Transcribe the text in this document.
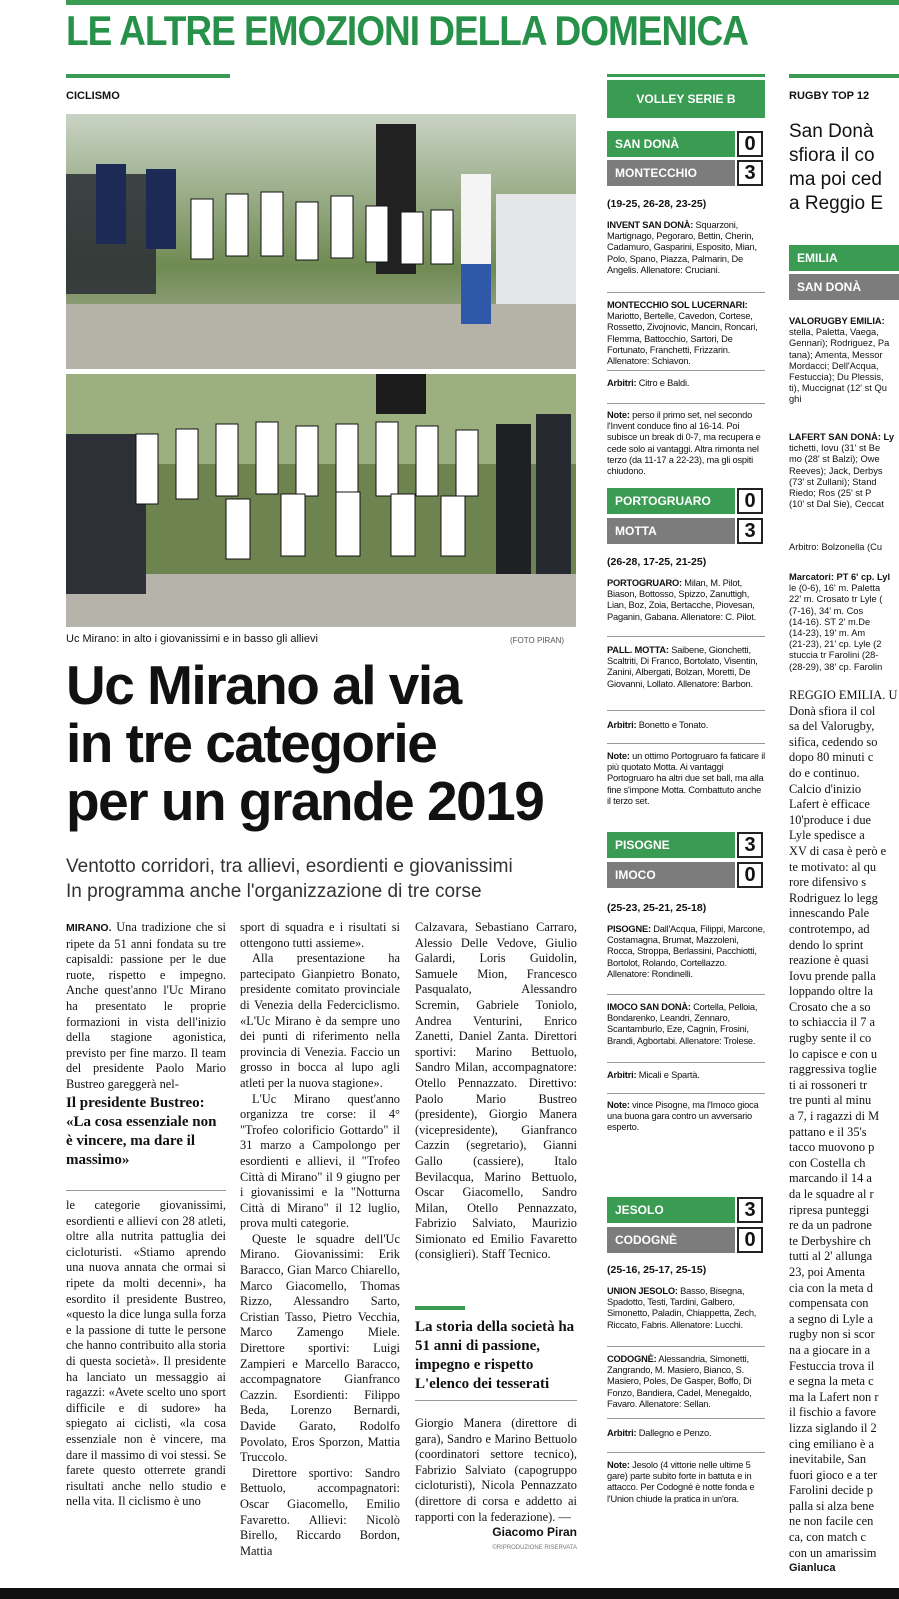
LE ALTRE EMOZIONI DELLA DOMENICA
CICLISMO
Uc Mirano: in alto i giovanissimi e in basso gli allievi	(FOTO PIRAN)
Uc Mirano al via
in tre categorie
per un grande 2019
Ventotto corridori, tra allievi, esordienti e giovanissimi
In programma anche l'organizzazione di tre corse

MIRANO. Una tradizione che si ripete da 51 anni fondata su tre capisaldi: passione per le due ruote, rispetto e impegno. Anche quest'anno l'Uc Mirano ha presentato le proprie formazioni in vista dell'inizio della stagione agonistica, previsto per fine marzo. Il team del presidente Paolo Mario Bustreo gareggerà nel-

Il presidente Bustreo: «La cosa essenziale non è vincere, ma dare il massimo»

le categorie giovanissimi, esordienti e allievi con 28 atleti, oltre alla nutrita pattuglia dei cicloturisti. «Stiamo aprendo una nuova annata che ormai si ripete da molti decenni», ha esordito il presidente Bustreo, «questo la dice lunga sulla forza e la passione di tutte le persone che hanno contribuito alla storia di questa società». Il presidente ha lanciato un messaggio ai ragazzi: «Avete scelto uno sport difficile e di sudore» ha spiegato ai ciclisti, «la cosa essenziale non è vincere, ma dare il massimo di voi stessi. Se farete questo otterrete grandi risultati anche nello studio e nella vita. Il ciclismo è uno

sport di squadra e i risultati si ottengono tutti assieme».

Alla presentazione ha partecipato Gianpietro Bonato, presidente comitato provinciale di Venezia della Federciclismo. «L'Uc Mirano è da sempre uno dei punti di riferimento nella provincia di Venezia. Faccio un grosso in bocca al lupo agli atleti per la nuova stagione».

L'Uc Mirano quest'anno organizza tre corse: il 4° "Trofeo colorificio Gottardo" il 31 marzo a Campolongo per esordienti e allievi, il "Trofeo Città di Mirano" il 9 giugno per i giovanissimi e la "Notturna Città di Mirano" il 12 luglio, prova multi categorie.

Queste le squadre dell'Uc Mirano. Giovanissimi: Erik Baracco, Gian Marco Chiarello, Marco Giacomello, Thomas Rizzo, Alessandro Sarto, Cristian Tasso, Pietro Vecchia, Marco Zamengo Miele. Direttore sportivi: Luigi Zampieri e Marcello Baracco, accompagnatore Gianfranco Cazzin. Esordienti: Filippo Beda, Lorenzo Bernardi, Davide Garato, Rodolfo Povolato, Eros Sporzon, Mattia Truccolo.

Direttore sportivo: Sandro Bettuolo, accompagnatori: Oscar Giacomello, Emilio Favaretto. Allievi: Nicolò Birello, Riccardo Bordon, Mattia

Calzavara, Sebastiano Carraro, Alessio Delle Vedove, Giulio Galardi, Loris Guidolin, Samuele Mion, Francesco Pasqualato, Alessandro Scremin, Gabriele Toniolo, Andrea Venturini, Enrico Zanetti, Daniel Zanta. Direttori sportivi: Marino Bettuolo, Sandro Milan, accompagnatore: Otello Pennazzato. Direttivo: Paolo Mario Bustreo (presidente), Giorgio Manera (vicepresidente), Gianfranco Cazzin (segretario), Gianni Gallo (cassiere), Italo Bevilacqua, Marino Bettuolo, Oscar Giacomello, Sandro Milan, Otello Pennazzato, Fabrizio Salviato, Maurizio Simionato ed Emilio Favaretto (consiglieri). Staff Tecnico.

La storia della società ha 51 anni di passione, impegno e rispetto L'elenco dei tesserati

Giorgio Manera (direttore di gara), Sandro e Marino Bettuolo (coordinatori settore tecnico), Fabrizio Salviato (capogruppo cicloturisti), Nicola Pennazzato (direttore di corsa e addetto ai rapporti con la federazione). —

Giacomo Piran
©RIPRODUZIONE RISERVATA
VOLLEY SERIE B
SAN DONÀ	0
MONTECCHIO	3
(19-25, 26-28, 23-25)
INVENT SAN DONÀ: Squarzoni, Martignago, Pegoraro, Bettin, Cherin, Cadamuro, Gasparini, Esposito, Mian, Polo, Spano, Piazza, Palmarin, De Angelis. Allenatore: Cruciani.
MONTECCHIO SOL LUCERNARI: Mariotto, Bertelle, Cavedon, Cortese, Rossetto, Zivojnovic, Mancin, Roncari, Flemma, Battocchio, Sartori, De Fortunato, Franchetti, Frizzarin. Allenatore: Schiavon.
Arbitri: Citro e Baldi.
Note: perso il primo set, nel secondo l'Invent conduce fino al 16-14. Poi subisce un break di 0-7, ma recupera e cede solo ai vantaggi. Altra rimonta nel terzo (da 11-17 a 22-23), ma gli ospiti chiudono.
PORTOGRUARO	0
MOTTA	3
(26-28, 17-25, 21-25)
PORTOGRUARO: Milan, M. Pilot, Biason, Bottosso, Spizzo, Zanuttigh, Lian, Boz, Zoia, Bertacche, Piovesan, Paganin, Gabana. Allenatore: C. Pilot.
PALL. MOTTA: Saibene, Gionchetti, Scaltriti, Di Franco, Bortolato, Visentin, Zanini, Albergati, Bolzan, Moretti, De Giovanni, Lollato. Allenatore: Barbon.
Arbitri: Bonetto e Tonato.
Note: un ottimo Portogruaro fa faticare il più quotato Motta. Ai vantaggi Portogruaro ha altri due set ball, ma alla fine s'impone Motta. Combattuto anche il terzo set.
PISOGNE	3
IMOCO	0
(25-23, 25-21, 25-18)
PISOGNE: Dall'Acqua, Filippi, Marcone, Costamagna, Brumat, Mazzoleni, Rocca, Stroppa, Berlassini, Pacchiotti, Bortolot, Rolando, Cortellazzo. Allenatore: Rondinelli.
IMOCO SAN DONÀ: Cortella, Pelloia, Bondarenko, Leandri, Zennaro, Scantamburlo, Eze, Cagnin, Frosini, Brandi, Agbortabi. Allenatore: Trolese.
Arbitri: Micali e Spartà.
Note: vince Pisogne, ma l'Imoco gioca una buona gara contro un avversario esperto.
JESOLO	3
CODOGNÈ	0
(25-16, 25-17, 25-15)
UNION JESOLO: Basso, Bisegna, Spadotto, Testi, Tardini, Galbero, Simonetto, Paladin, Chiappetta, Zech, Riccato, Fabris. Allenatore: Lucchi.
CODOGNÈ: Alessandria, Simonetti, Zangrando, M. Masiero, Bianco, S. Masiero, Poles, De Gasper, Boffo, Di Fonzo, Bandiera, Cadel, Menegaldo, Favaro. Allenatore: Sellan.
Arbitri: Dallegno e Penzo.
Note: Jesolo (4 vittorie nelle ultime 5 gare) parte subito forte in battuta e in attacco. Per Codognè è notte fonda e l'Union chiude la pratica in un'ora.
RUGBY TOP 12
San Donà
sfiora il co
ma poi ced
a Reggio E
EMILIA
SAN DONÀ
VALORUGBY EMILIA:
stella, Paletta, Vaega,
Gennari); Rodriguez, Pa
tana); Amenta, Messor
Mordacci; Dell'Acqua,
Festuccia); Du Plessis,
ti), Muccignat (12' st Qu
ghi
LAFERT SAN DONÀ: Ly
tichetti, Iovu (31' st Be
mo (28' st Balzi); Owe
Reeves); Jack, Derbys
(73' st Zullani); Stand
Riedo; Ros (25' st P
(10' st Dal Sie), Ceccat
Arbitro: Bolzonella (Cu
Marcatori: PT 6' cp. Lyl
le (0-6), 16' m. Paletta
22' m. Crosato tr Lyle (
(7-16), 34' m. Cos
(14-16). ST 2' m.De
(14-23), 19' m. Am
(21-23), 21' cp. Lyle (2
stuccia tr Farolini (28-
(28-29), 38' cp. Farolin
REGGIO EMILIA. U
Donà sfiora il col
sa del Valorugby,
sifica, cedendo so
dopo 80 minuti c
do e continuo.
Calcio d'inizio
Lafert è efficace
10'produce i due
Lyle spedisce a
XV di casa è però e
te motivato: al qu
rore difensivo s
Rodriguez lo legg
innescando Pale
controtempo, ad
dendo lo sprint
reazione è quasi
Iovu prende palla
loppando oltre la
Crosato che a so
to schiaccia il 7 a
rugby sente il co
lo capisce e con u
raggressiva toglie
ti ai rossoneri tr
tre punti al minu
a 7, i ragazzi di M
pattano e il 35's
tacco muovono p
con Costella ch
marcando il 14 a
da le squadre al r
ripresa punteggi
re da un padrone
te Derbyshire ch
tutti al 2' allunga
23, poi Amenta
cia con la meta d
compensata con
a segno di Lyle a
rugby non si scor
na a giocare in a
Festuccia trova il
e segna la meta c
ma la Lafert non r
il fischio a favore
lizza siglando il 2
cing emiliano è a
inevitabile, San
fuori gioco e a ter
Farolini decide p
palla si alza bene
ne non facile cen
ca, con match c
con un amarissim
Gianluca
